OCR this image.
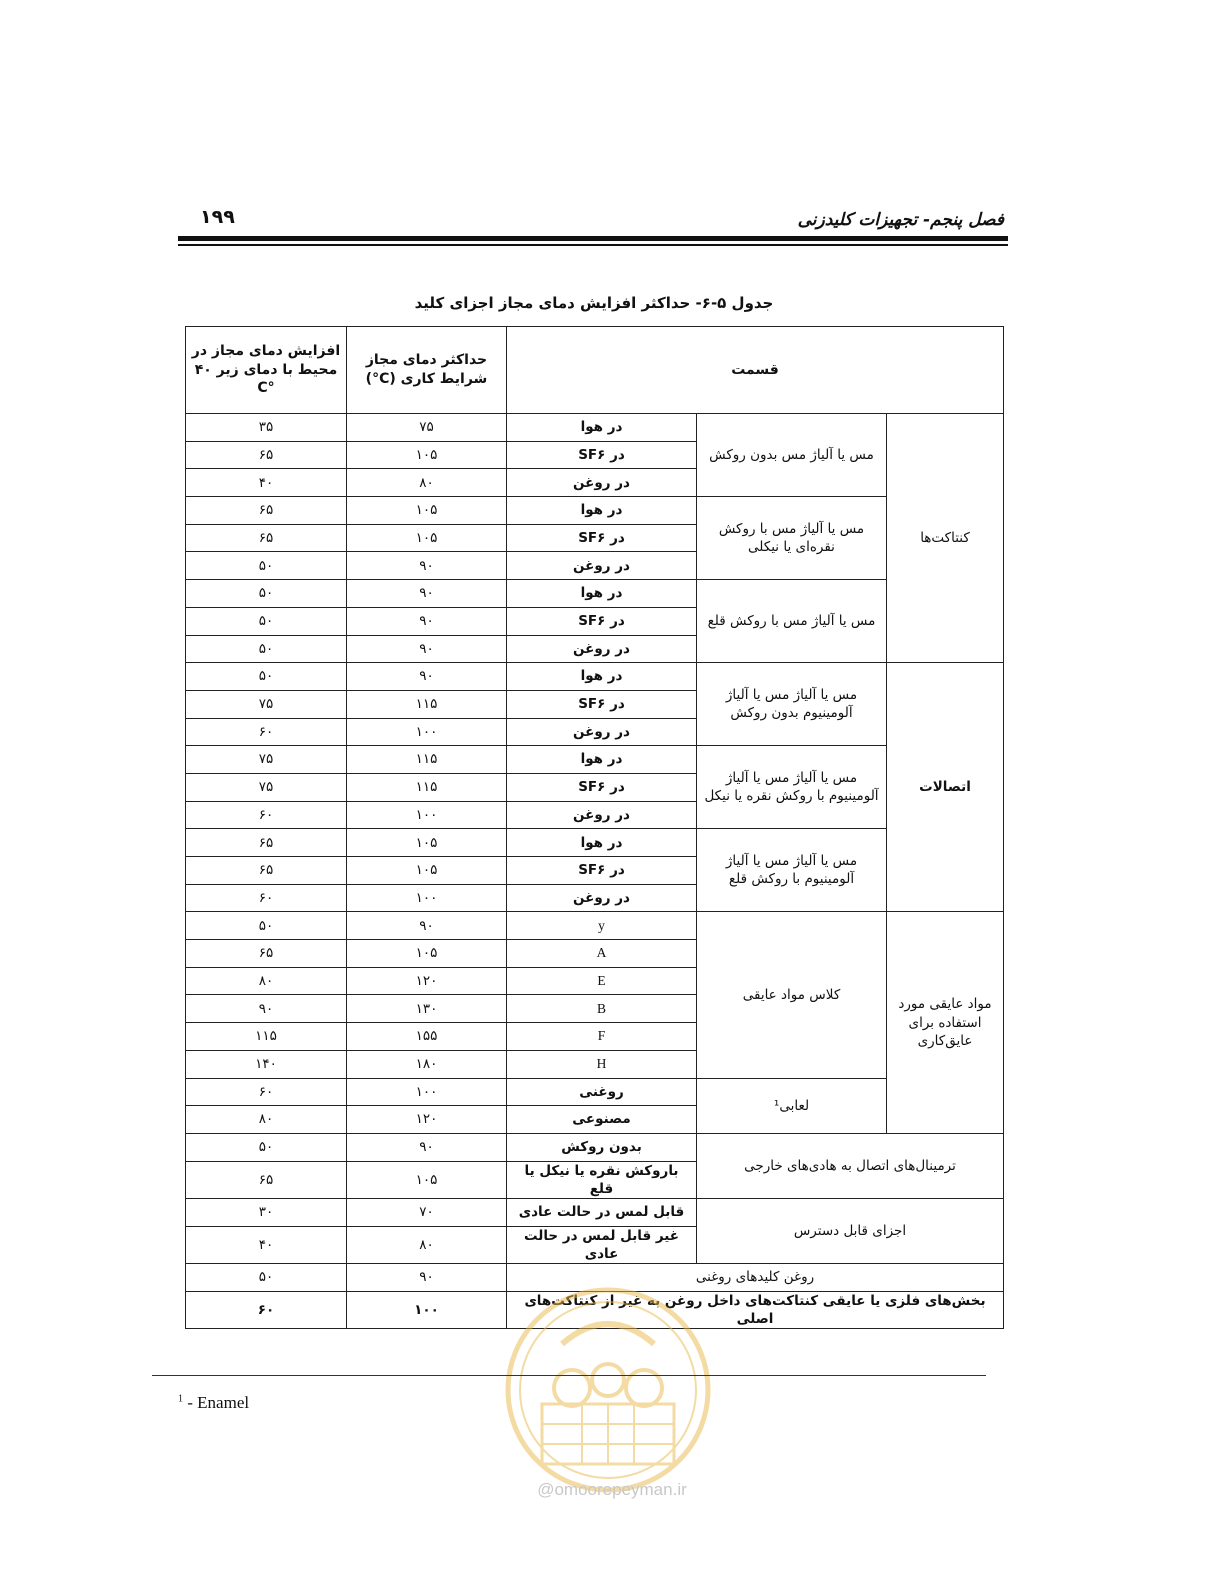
۱۹۹	فصل پنجم- تجهیزات کلیدزنی
جدول ۵-۶- حداکثر افزایش دمای مجاز اجزای کلید
قسمت			حداکثر دمای مجاز شرایط کاری (C°)	افزایش دمای مجاز در محیط با دمای زیر ۴۰ °C
کنتاکت‌ها	مس یا آلیاژ مس بدون روکش	در هوا	۷۵	۳۵
		در SF۶	۱۰۵	۶۵
		در روغن	۸۰	۴۰
	مس یا آلیاژ مس با روکش نقره‌ای یا نیکلی	در هوا	۱۰۵	۶۵
		در SF۶	۱۰۵	۶۵
		در روغن	۹۰	۵۰
	مس یا آلیاژ مس با روکش قلع	در هوا	۹۰	۵۰
		در SF۶	۹۰	۵۰
		در روغن	۹۰	۵۰
اتصالات	مس یا آلیاژ مس یا آلیاژ آلومینیوم بدون روکش	در هوا	۹۰	۵۰
		در SF۶	۱۱۵	۷۵
		در روغن	۱۰۰	۶۰
	مس یا آلیاژ مس یا آلیاژ آلومینیوم با روکش نقره یا نیکل	در هوا	۱۱۵	۷۵
		در SF۶	۱۱۵	۷۵
		در روغن	۱۰۰	۶۰
	مس یا آلیاژ مس یا آلیاژ آلومینیوم با روکش قلع	در هوا	۱۰۵	۶۵
		در SF۶	۱۰۵	۶۵
		در روغن	۱۰۰	۶۰
مواد عایقی مورد استفاده برای عایق‌کاری	کلاس مواد عایقی	y	۹۰	۵۰
		A	۱۰۵	۶۵
		E	۱۲۰	۸۰
		B	۱۳۰	۹۰
		F	۱۵۵	۱۱۵
		H	۱۸۰	۱۴۰
	لعابی¹	روغنی	۱۰۰	۶۰
		مصنوعی	۱۲۰	۸۰
ترمینال‌های اتصال به هادی‌های خارجی		بدون روکش	۹۰	۵۰
		باروکش نقره یا نیکل یا قلع	۱۰۵	۶۵
اجزای قابل دسترس		قابل لمس در حالت عادی	۷۰	۳۰
		غیر قابل لمس در حالت عادی	۸۰	۴۰
روغن کلیدهای روغنی			۹۰	۵۰
بخش‌های فلزی یا عایقی کنتاکت‌های داخل روغن به غیر از کنتاکت‌های اصلی			۱۰۰	۶۰
@omoorepeyman.ir
$^1$ - Enamel
